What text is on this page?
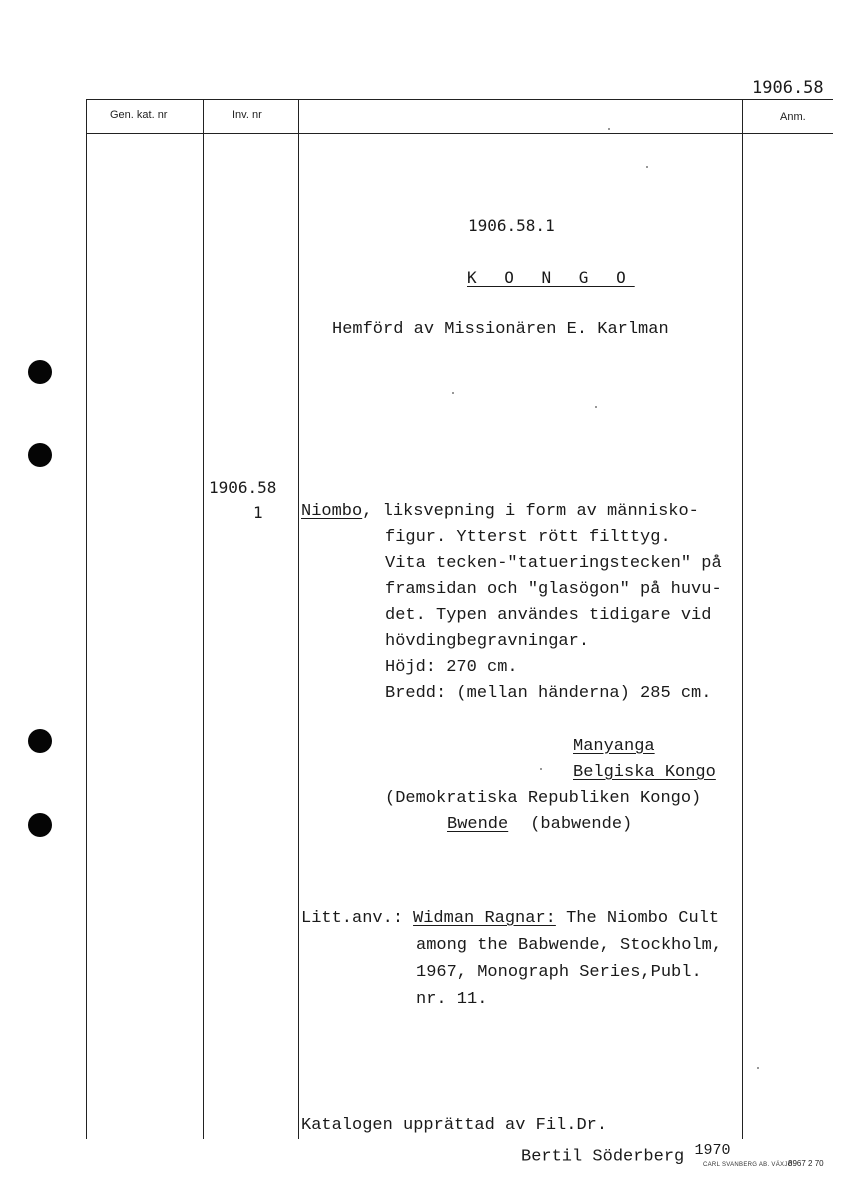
1906.58
Gen. kat. nr	Inv. nr	Anm.
1906.58.1
K O N G O
Hemförd av Missionären E. Karlman
1906.58
1 Niombo, liksvepning i form av människo-
figur. Ytterst rött filttyg.
Vita tecken-"tatueringstecken" på
framsidan och "glasögon" på huvu-
det. Typen användes tidigare vid
hövdingbegravningar.
Höjd: 270 cm.
Bredd: (mellan händerna) 285 cm.
Manyanga
Belgiska Kongo
(Demokratiska Republiken Kongo)
Bwende (babwende)
Litt.anv.: Widman Ragnar: The Niombo Cult
among the Babwende, Stockholm,
1967, Monograph Series,Publ.
nr. 11.
Katalogen upprättad av Fil.Dr.
Bertil Söderberg $^{1970}$
CARL SVANBERG AB. VÄXJÖ
8967 2 70
